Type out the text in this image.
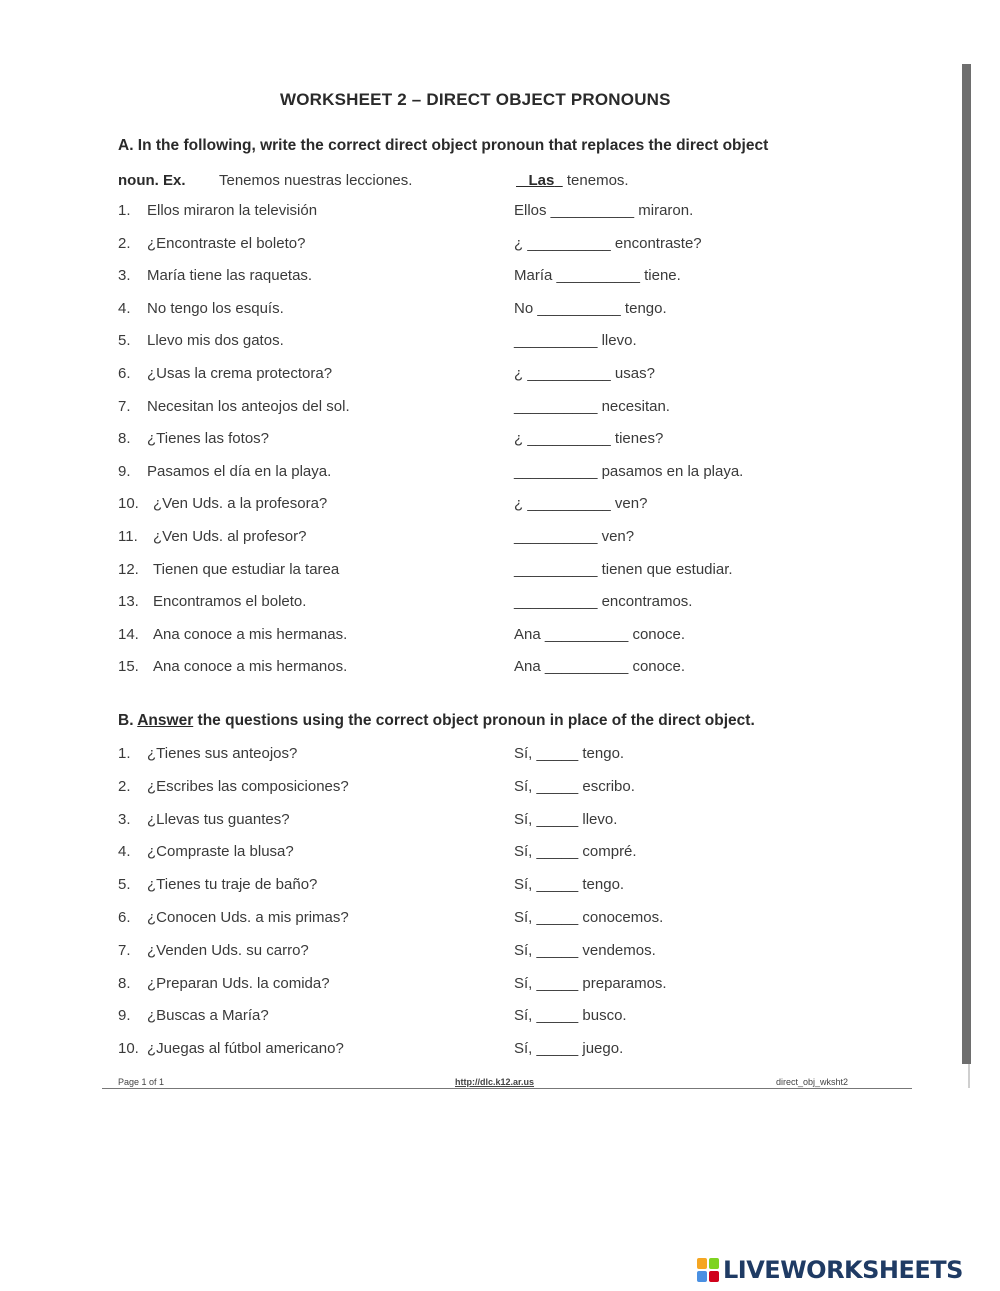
WORKSHEET 2 – DIRECT OBJECT PRONOUNS
A. In the following, write the correct direct object pronoun that replaces the direct object
noun. Ex. Tenemos nuestras lecciones.	Las tenemos.
1. Ellos miraron la televisión	Ellos __________ miraron.
2. ¿Encontraste el boleto?	¿ __________ encontraste?
3. María tiene las raquetas.	María __________ tiene.
4. No tengo los esquís.	No __________ tengo.
5. Llevo mis dos gatos.	__________ llevo.
6. ¿Usas la crema protectora?	¿ __________ usas?
7. Necesitan los anteojos del sol.	__________ necesitan.
8. ¿Tienes las fotos?	¿ __________ tienes?
9. Pasamos el día en la playa.	__________ pasamos en la playa.
10. ¿Ven Uds. a la profesora?	¿ __________ ven?
11. ¿Ven Uds. al profesor?	__________ ven?
12. Tienen que estudiar la tarea	__________ tienen que estudiar.
13. Encontramos el boleto.	__________ encontramos.
14. Ana conoce a mis hermanas.	Ana __________ conoce.
15. Ana conoce a mis hermanos.	Ana __________ conoce.
B. Answer the questions using the correct object pronoun in place of the direct object.
1. ¿Tienes sus anteojos?	Sí, _____ tengo.
2. ¿Escribes las composiciones?	Sí, _____ escribo.
3. ¿Llevas tus guantes?	Sí, _____ llevo.
4. ¿Compraste la blusa?	Sí, _____ compré.
5. ¿Tienes tu traje de baño?	Sí, _____ tengo.
6. ¿Conocen Uds. a mis primas?	Sí, _____ conocemos.
7. ¿Venden Uds. su carro?	Sí, _____ vendemos.
8. ¿Preparan Uds. la comida?	Sí, _____ preparamos.
9. ¿Buscas a María?	Sí, _____ busco.
10. ¿Juegas al fútbol americano?	Sí, _____ juego.
Page 1 of 1	http://dlc.k12.ar.us	direct_obj_wksht2
LIVEWORKSHEETS
